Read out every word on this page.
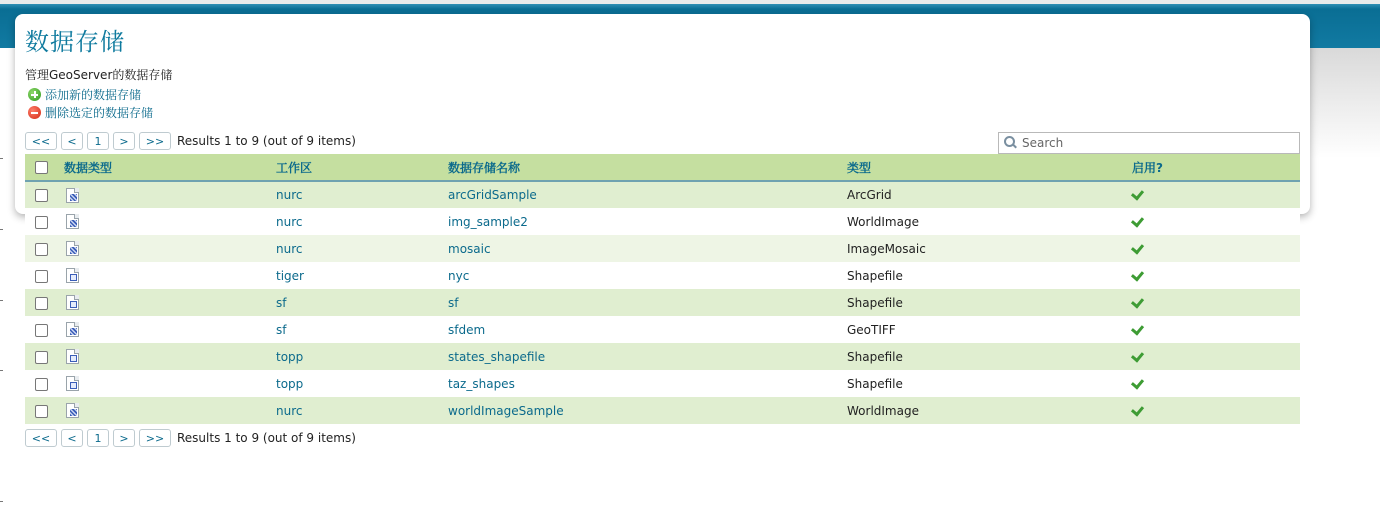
数据存储
管理GeoServer的数据存储
添加新的数据存储
删除选定的数据存储
<<	<	1	>	>>	Results 1 to 9 (out of 9 items)
Search
	数据类型	工作区	数据存储名称	类型	启用?

	nurc	arcGridSample	ArcGrid	

	nurc	img_sample2	WorldImage	

	nurc	mosaic	ImageMosaic	

	tiger	nyc	Shapefile	

	sf	sf	Shapefile	

	sf	sfdem	GeoTIFF	

	topp	states_shapefile	Shapefile	

	topp	taz_shapes	Shapefile	

	nurc	worldImageSample	WorldImage	
<<	<	1	>	>>	Results 1 to 9 (out of 9 items)
